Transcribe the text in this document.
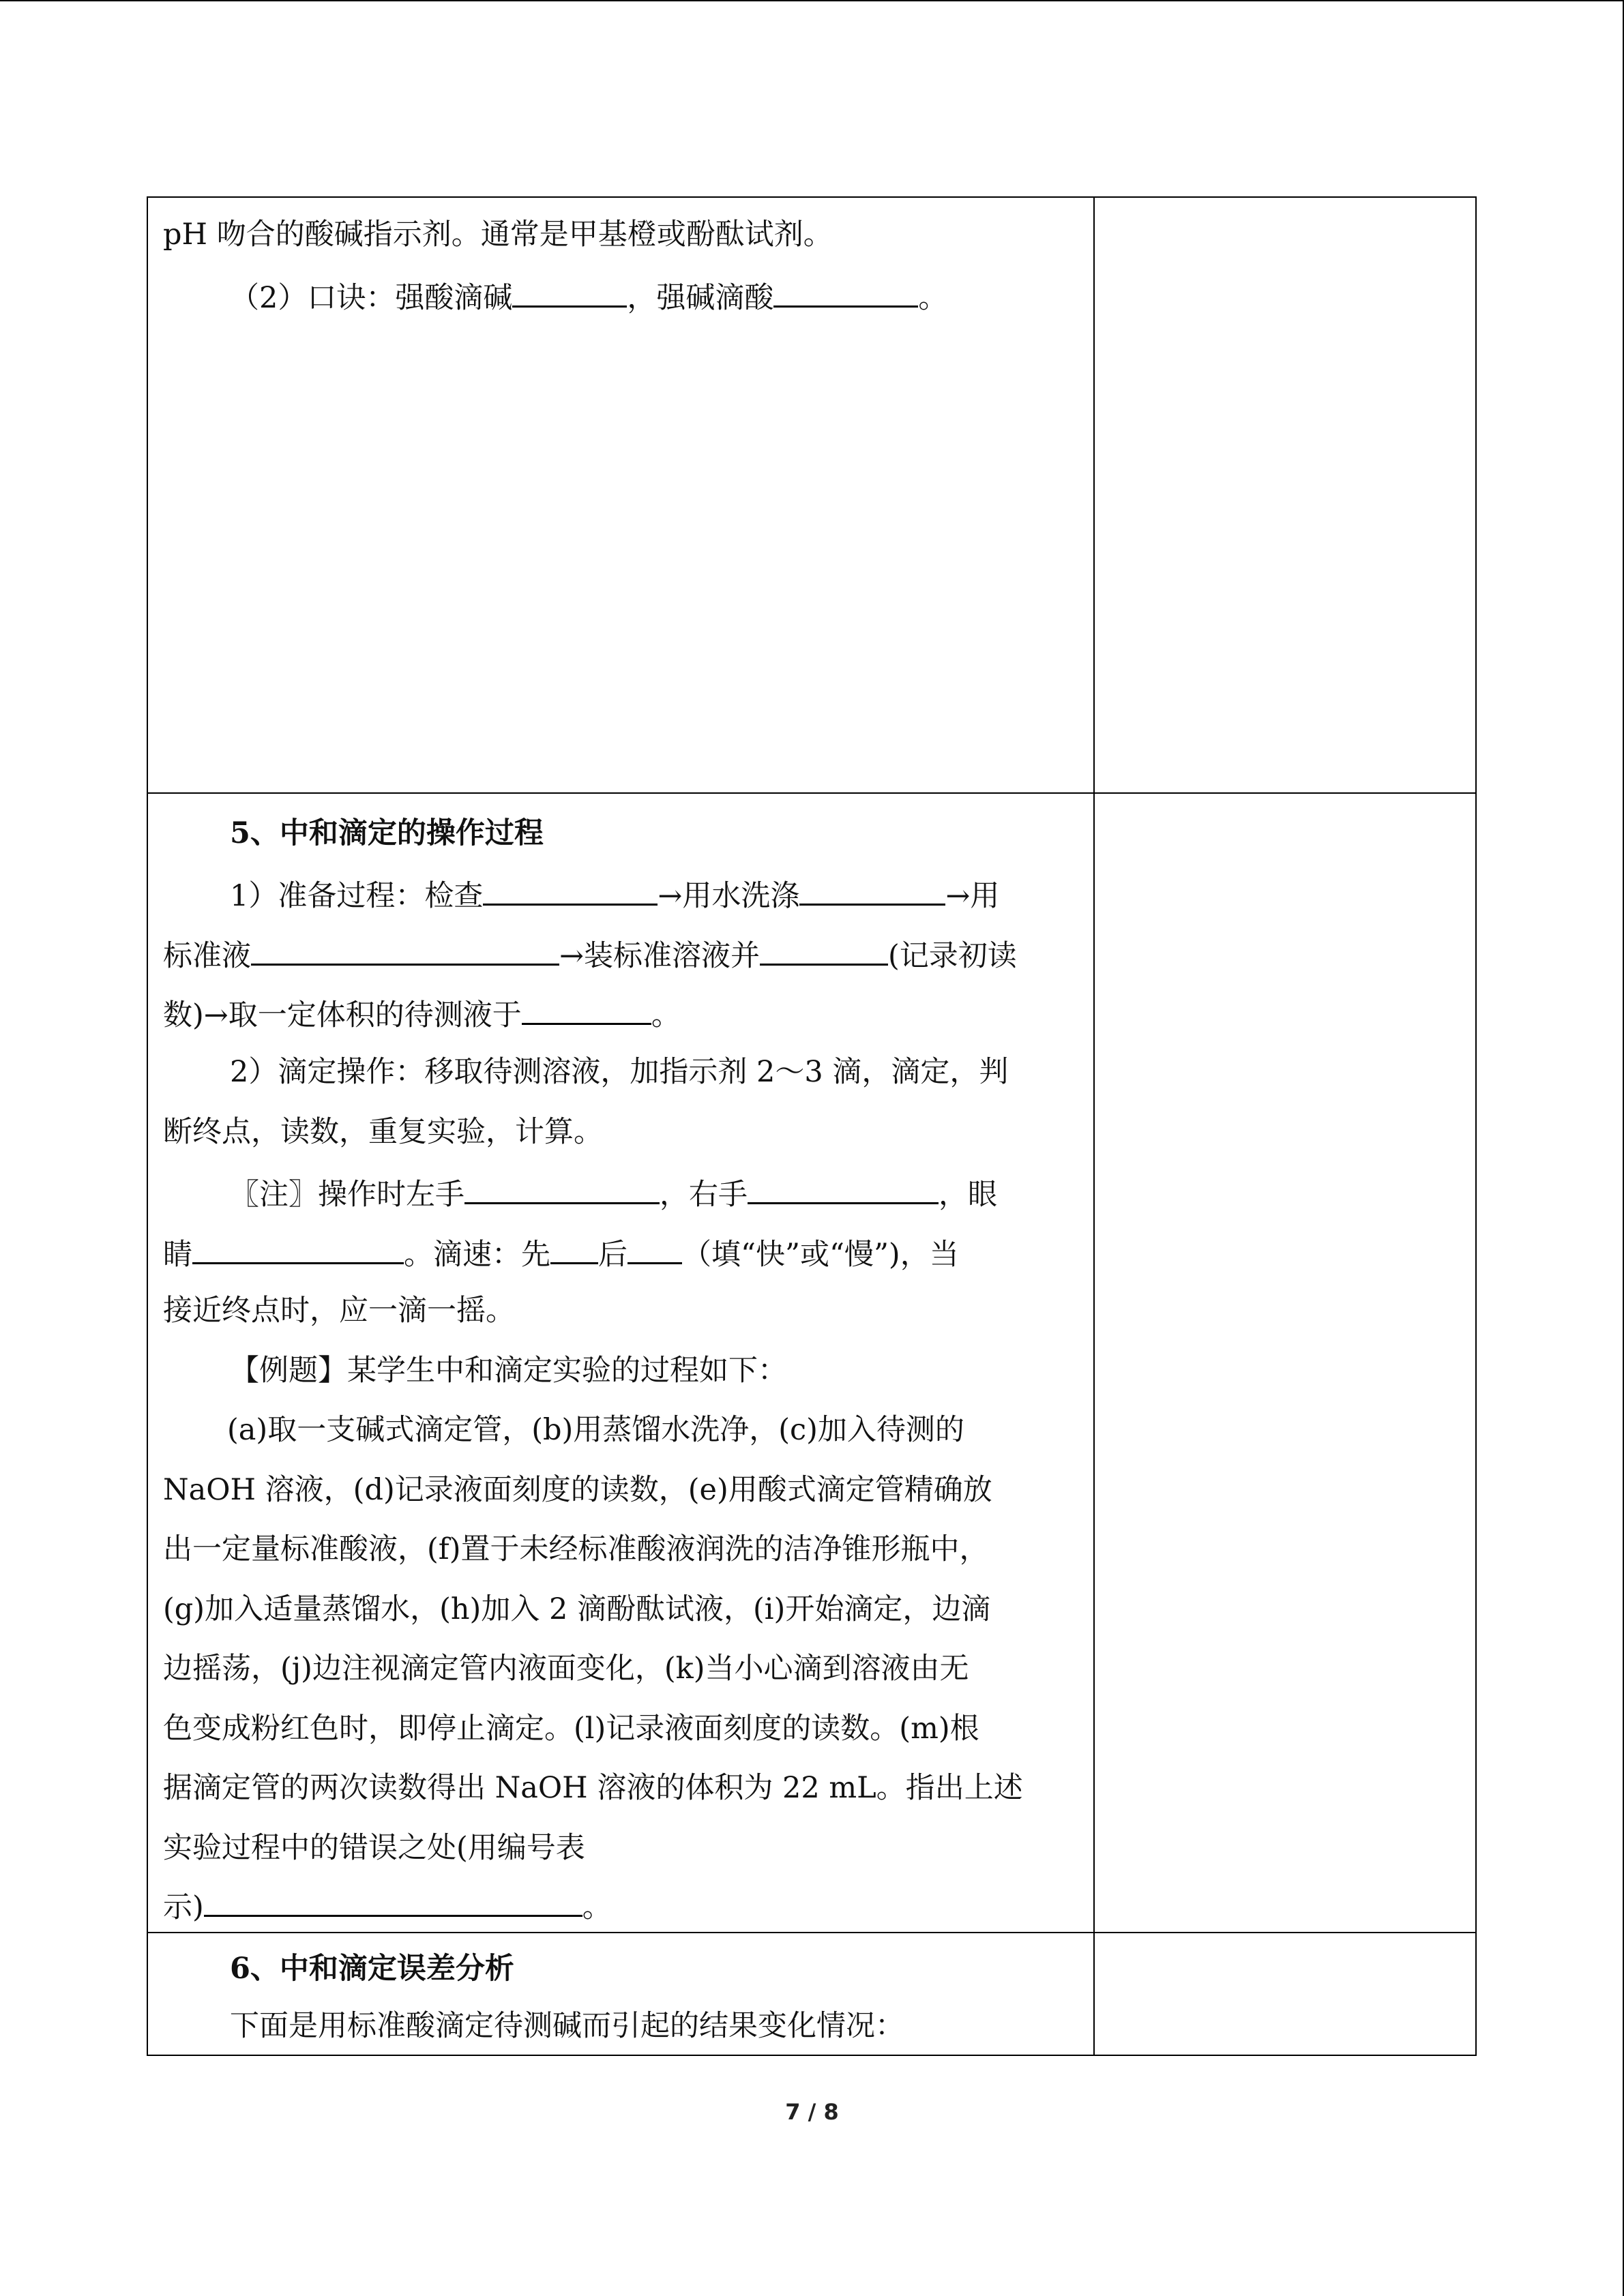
pH 吻合的酸碱指示剂。通常是甲基橙或酚酞试剂。
（2）口诀：强酸滴碱	，强碱滴酸	。
5、中和滴定的操作过程
1）准备过程：检查	→用水洗涤	→用
标准液	→装标准溶液并	(记录初读
数)→取一定体积的待测液于	。
2）滴定操作：移取待测溶液，加指示剂 2～3 滴，滴定，判
断终点，读数，重复实验，计算。
〖注〗操作时左手	，右手	，眼
睛	。滴速：先 后 （填“快”或“慢”)，当
接近终点时，应一滴一摇。
【例题】某学生中和滴定实验的过程如下：
(a)取一支碱式滴定管，(b)用蒸馏水洗净，(c)加入待测的
NaOH 溶液，(d)记录液面刻度的读数，(e)用酸式滴定管精确放
出一定量标准酸液，(f)置于未经标准酸液润洗的洁净锥形瓶中，
(g)加入适量蒸馏水，(h)加入 2 滴酚酞试液，(i)开始滴定，边滴
边摇荡，(j)边注视滴定管内液面变化，(k)当小心滴到溶液由无
色变成粉红色时，即停止滴定。(l)记录液面刻度的读数。(m)根
据滴定管的两次读数得出 NaOH 溶液的体积为 22 mL。指出上述
实验过程中的错误之处(用编号表
示)	。
6、中和滴定误差分析
下面是用标准酸滴定待测碱而引起的结果变化情况：
7 / 8
